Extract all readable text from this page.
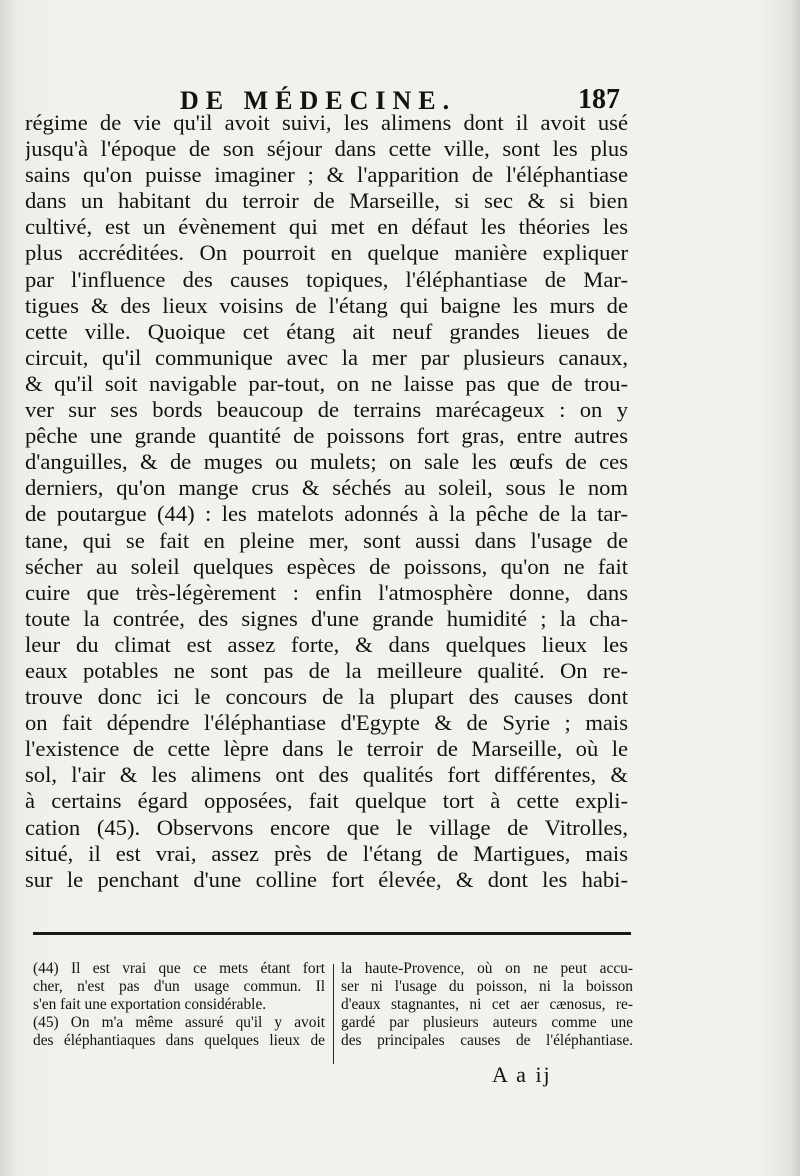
DE MÉDECINE.	187
régime de vie qu'il avoit suivi, les alimens dont il avoit usé
jusqu'à l'époque de son séjour dans cette ville, sont les plus
sains qu'on puisse imaginer ; & l'apparition de l'éléphantiase
dans un habitant du terroir de Marseille, si sec & si bien
cultivé, est un évènement qui met en défaut les théories les
plus accréditées. On pourroit en quelque manière expliquer
par l'influence des causes topiques, l'éléphantiase de Mar-
tigues & des lieux voisins de l'étang qui baigne les murs de
cette ville. Quoique cet étang ait neuf grandes lieues de
circuit, qu'il communique avec la mer par plusieurs canaux,
& qu'il soit navigable par-tout, on ne laisse pas que de trou-
ver sur ses bords beaucoup de terrains marécageux : on y
pêche une grande quantité de poissons fort gras, entre autres
d'anguilles, & de muges ou mulets; on sale les œufs de ces
derniers, qu'on mange crus & séchés au soleil, sous le nom
de poutargue (44) : les matelots adonnés à la pêche de la tar-
tane, qui se fait en pleine mer, sont aussi dans l'usage de
sécher au soleil quelques espèces de poissons, qu'on ne fait
cuire que très-légèrement : enfin l'atmosphère donne, dans
toute la contrée, des signes d'une grande humidité ; la cha-
leur du climat est assez forte, & dans quelques lieux les
eaux potables ne sont pas de la meilleure qualité. On re-
trouve donc ici le concours de la plupart des causes dont
on fait dépendre l'éléphantiase d'Egypte & de Syrie ; mais
l'existence de cette lèpre dans le terroir de Marseille, où le
sol, l'air & les alimens ont des qualités fort différentes, &
à certains égard opposées, fait quelque tort à cette expli-
cation (45). Observons encore que le village de Vitrolles,
situé, il est vrai, assez près de l'étang de Martigues, mais
sur le penchant d'une colline fort élevée, & dont les habi-
(44) Il est vrai que ce mets étant fort
cher, n'est pas d'un usage commun. Il
s'en fait une exportation considérable.
(45) On m'a même assuré qu'il y avoit
des éléphantiaques dans quelques lieux de
la haute-Provence, où on ne peut accu-
ser ni l'usage du poisson, ni la boisson
d'eaux stagnantes, ni cet aer cænosus, re-
gardé par plusieurs auteurs comme une
des principales causes de l'éléphantiase.
A a ij
